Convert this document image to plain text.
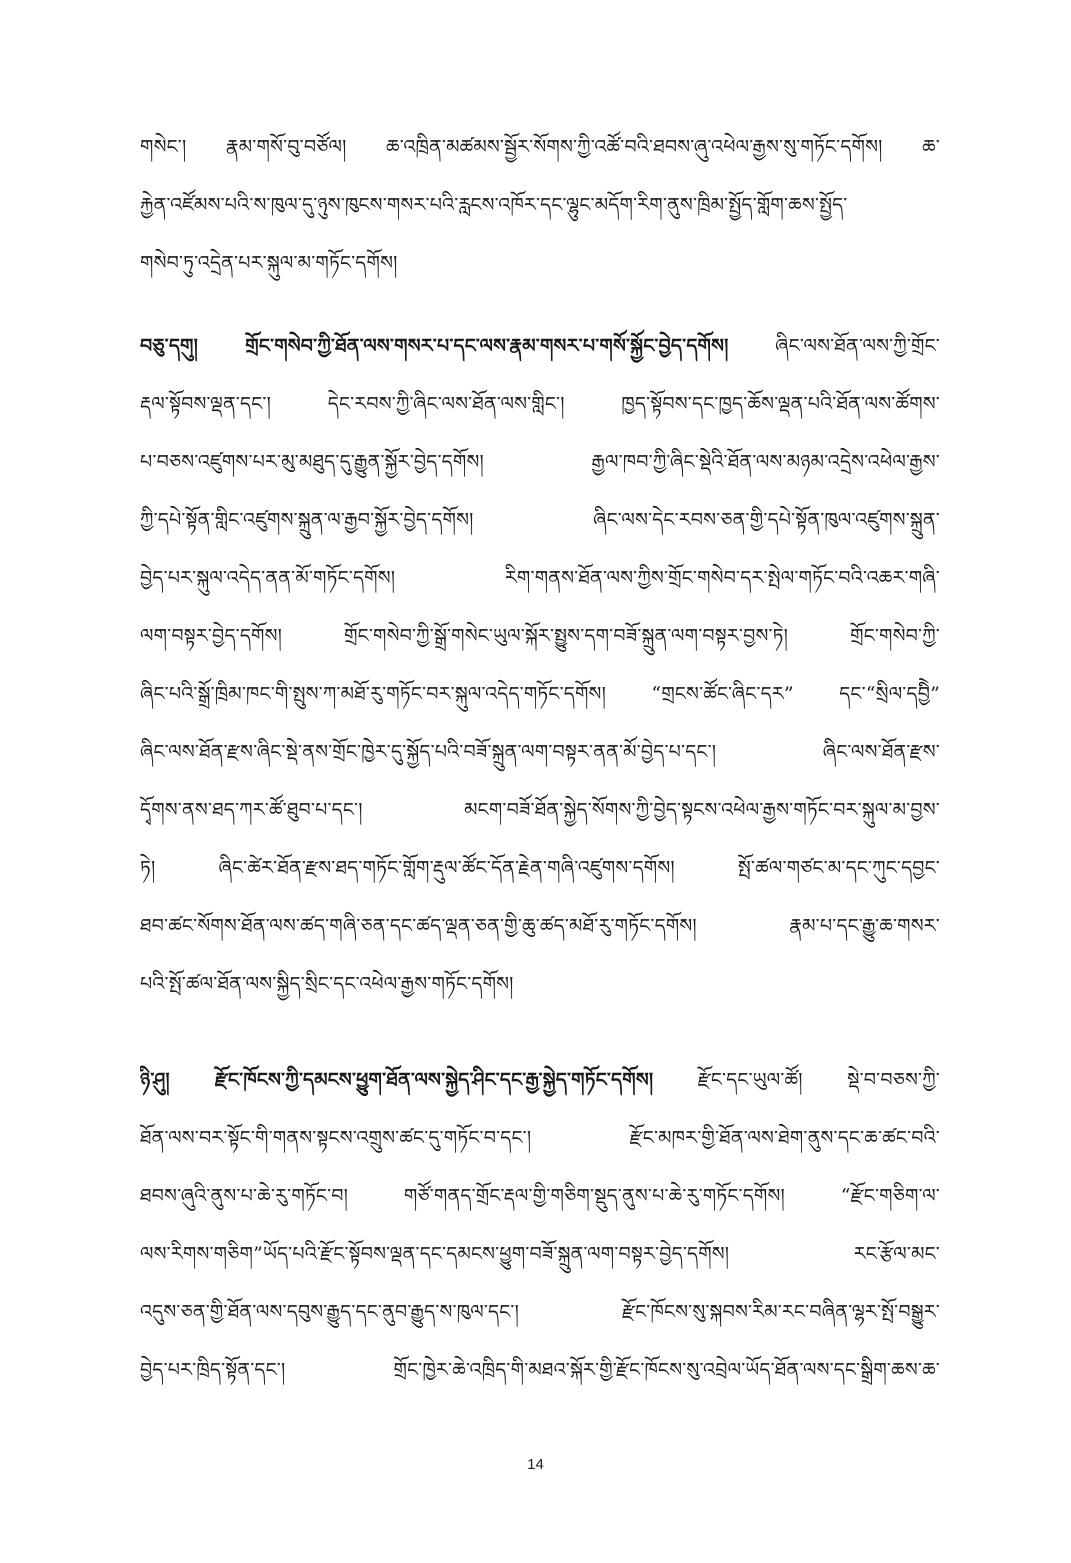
གསེང་། རྣམ་གསོ་བུ་བཙོལ། ཆ་འཁྲིན་མཚམས་སྦྱོར་སོགས་ཀྱི་འཚོ་བའི་ཐབས་ཞུ་འཕེལ་རྒྱས་སུ་གཏོང་དགོས། ཆ་
རྐྱེན་འཛོམས་པའི་ས་ཁུལ་དུ་ཉུས་ཁུངས་གསར་པའི་རླངས་འཁོར་དང་ལྷུང་མདོག་རིག་ནུས་ཁྲིམ་སྤྱོད་གློག་ཆས་སྤྱོད་
གསེབ་ཏུ་འདྲེན་པར་སྐུལ་མ་གཏོང་དགོས།
བཅུ་དགུ། གྲོང་གསེབ་ཀྱི་ཐོན་ལས་གསར་པ་དང་ལས་རྣམ་གསར་པ་གསོ་སྐྱོང་བྱེད་དགོས། ཞིང་ལས་ཐོན་ལས་ཀྱི་གྲོང་
རྡལ་སྟོབས་ལྡན་དང་། དེང་རབས་ཀྱི་ཞིང་ལས་ཐོན་ལས་གླིང་། ཁྱད་སྟོབས་དང་ཁྱད་ཆོས་ལྡན་པའི་ཐོན་ལས་ཚོགས་
པ་བཅས་འཛུགས་པར་མུ་མཐུད་དུ་རྒྱུན་སྐྱོར་བྱེད་དགོས། རྒྱལ་ཁབ་ཀྱི་ཞིང་སྡེའི་ཐོན་ལས་མཉམ་འདྲེས་འཕེལ་རྒྱས་
ཀྱི་དཔེ་སྟོན་གླིང་འཛུགས་སྐྲུན་ལ་རྒྱབ་སྐྱོར་བྱེད་དགོས། ཞིང་ལས་དེང་རབས་ཅན་གྱི་དཔེ་སྟོན་ཁུལ་འཛུགས་སྐྲུན་
བྱེད་པར་སྐུལ་འདེད་ནན་མོ་གཏོང་དགོས། རིག་གནས་ཐོན་ལས་ཀྱིས་གྲོང་གསེབ་དར་སྤེལ་གཏོང་བའི་འཆར་གཞི་
ལག་བསྟར་བྱེད་དགོས། གྲོང་གསེབ་ཀྱི་སྒྲོ་གསེང་ཡུལ་སྐོར་སྤྱུས་དག་བཟོ་སྐྲུན་ལག་བསྟར་བྱས་ཏེ། གྲོང་གསེབ་ཀྱི་
ཞིང་པའི་སྒྲོ་ཁྲིམ་ཁང་གི་སྤུས་ཀ་མཐོ་རུ་གཏོང་བར་སྐུལ་འདེད་གཏོང་དགོས། “གྲངས་ཚོང་ཞིང་དར” དང་“སྲིལ་དབྱིེ”
ཞིང་ལས་ཐོན་རྫས་ཞིང་སྡེ་ནས་གྲོང་ཁྱེར་དུ་སྐྱོད་པའི་བཟོ་སྐྲུན་ལག་བསྟར་ནན་མོ་བྱེད་པ་དང་། ཞིང་ལས་ཐོན་རྫས་
དྭོགས་ནས་ཐད་ཀར་ཚོ་ཐུབ་པ་དང་། མངག་བཟོ་ཐོན་སྐྱེད་སོགས་ཀྱི་བྱེད་སྟངས་འཕེལ་རྒྱས་གཏོང་བར་སྐུལ་མ་བྱས་
ཏེ། ཞིང་ཚེར་ཐོན་རྫས་ཐད་གཏོང་གློག་རྡུལ་ཚོང་དོན་རྗེན་གཞི་འཛུགས་དགོས། སྤོ་ཚལ་གཙང་མ་དང་ཀུང་དབྱང་
ཐབ་ཚང་སོགས་ཐོན་ལས་ཚད་གཞི་ཅན་དང་ཚད་ལྡན་ཅན་གྱི་ཆུ་ཚད་མཐོ་རུ་གཏོང་དགོས། རྣམ་པ་དང་རྒྱུ་ཆ་གསར་
པའི་སྤོ་ཚལ་ཐོན་ལས་སྐྱིད་སྲིང་དང་འཕེལ་རྒྱས་གཏོང་དགོས།
ཉི་ཤུ། རྫོང་ཁོངས་ཀྱི་དམངས་ཕྱུག་ཐོན་ལས་སྐྱེད་ཤིང་དང་རྒྱ་སྐྱེད་གཏོང་དགོས། རྫོང་དང་ཡུལ་ཚོ། སྡེ་བ་བཅས་ཀྱི་
ཐོན་ལས་བར་སྟོང་གི་གནས་སྟངས་འགྲུས་ཚང་དུ་གཏོང་བ་དང་། རྫོང་མཁར་གྱི་ཐོན་ལས་ཐེག་ནུས་དང་ཆ་ཚང་བའི་
ཐབས་ཞུའི་ནུས་པ་ཆེ་རུ་གཏོང་བ། གཙོ་གནད་གྲོང་རྡལ་གྱི་གཅིག་སྡུད་ནུས་པ་ཆེ་རུ་གཏོང་དགོས། “རྫོང་གཅིག་ལ་
ལས་རིགས་གཅིག”ཡོད་པའི་རྫོང་སྟོབས་ལྡན་དང་དམངས་ཕྱུག་བཟོ་སྐྲུན་ལག་བསྟར་བྱེད་དགོས། རང་རྩོལ་མང་
འདུས་ཅན་གྱི་ཐོན་ལས་དབུས་རྒྱུད་དང་ནུབ་རྒྱུད་ས་ཁུལ་དང་། རྫོང་ཁོངས་སུ་སྐབས་རིམ་རང་བཞིན་ལྷར་སྤོ་བསྒྱུར་
བྱེད་པར་ཁྲིད་སྟོན་དང་། གྲོང་ཁྱེར་ཆེ་འཁྲིད་གི་མཐའ་སྐོར་གྱི་རྫོང་ཁོངས་སུ་འབྲེལ་ཡོད་ཐོན་ལས་དང་སྒྲིག་ཆས་ཆ་
14
